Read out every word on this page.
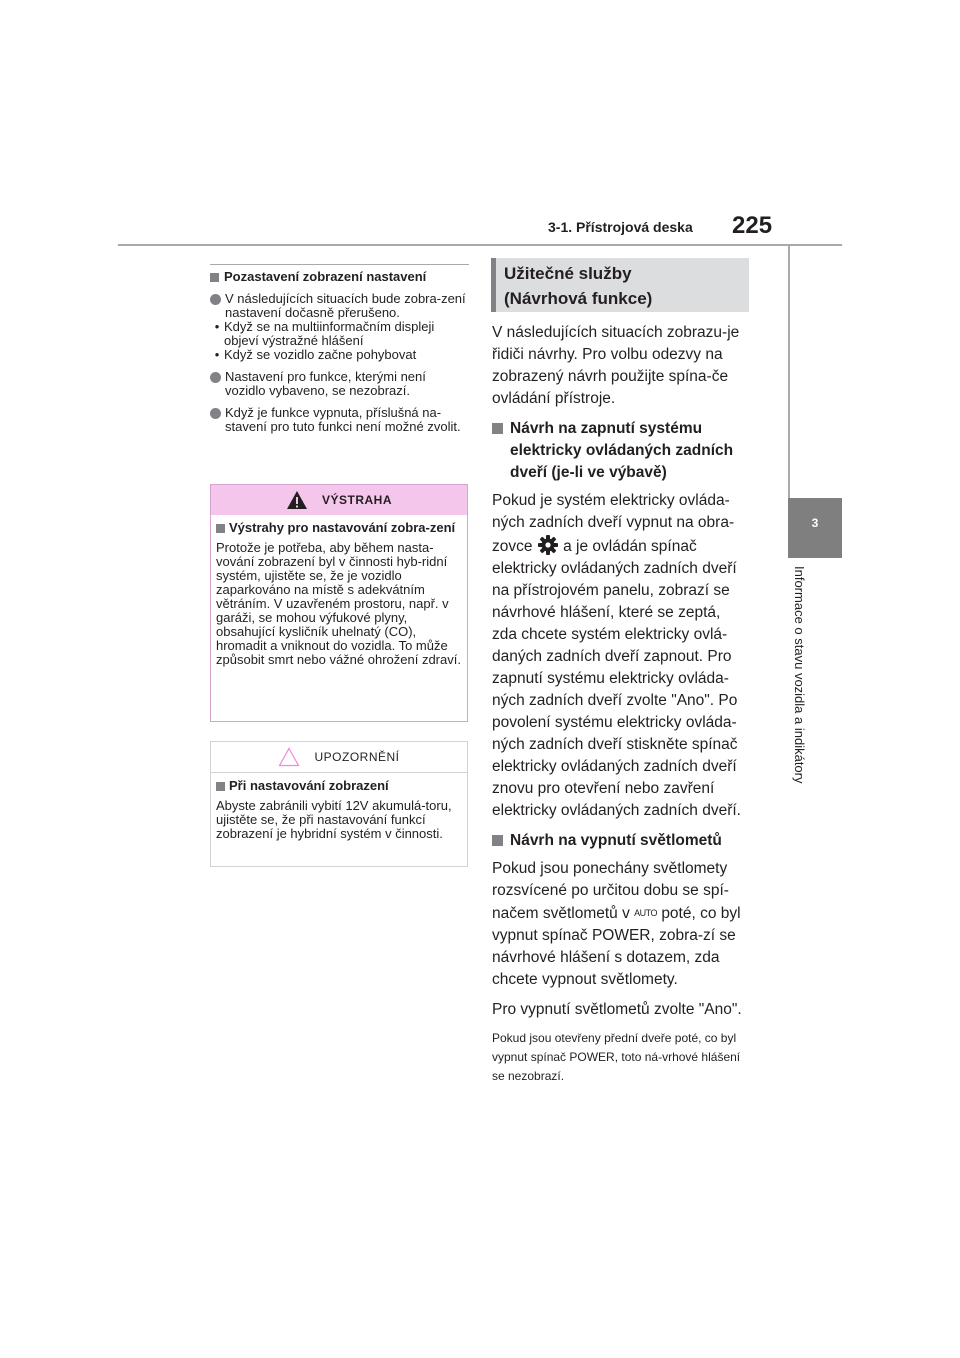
3-1. Přístrojová deska 225
3
Informace o stavu vozidla a indikátory
Pozastavení zobrazení nastavení
V následujících situacích bude zobra-zení nastavení dočasně přerušeno.
• Když se na multiinformačním displeji objeví výstražné hlášení
• Když se vozidlo začne pohybovat
Nastavení pro funkce, kterými není vozidlo vybaveno, se nezobrazí.
Když je funkce vypnuta, příslušná na-stavení pro tuto funkci není možné zvolit.
VÝSTRAHA
Výstrahy pro nastavování zobra-zení
Protože je potřeba, aby během nasta-vování zobrazení byl v činnosti hyb-ridní systém, ujistěte se, že je vozidlo zaparkováno na místě s adekvátním větráním. V uzavřeném prostoru, např. v garáži, se mohou výfukové plyny, obsahující kysličník uhelnatý (CO), hromadit a vniknout do vozidla. To může způsobit smrt nebo vážné ohrožení zdraví.
UPOZORNĚNÍ
Při nastavování zobrazení
Abyste zabránili vybití 12V akumulá-toru, ujistěte se, že při nastavování funkcí zobrazení je hybridní systém v činnosti.
Užitečné služby
(Návrhová funkce)

V následujících situacích zobrazu-je řidiči návrhy. Pro volbu odezvy na zobrazený návrh použijte spína-če ovládání přístroje.

Návrh na zapnutí systému elektricky ovládaných zadních dveří (je-li ve výbavě)

Pokud je systém elektricky ovláda-ných zadních dveří vypnut na obra-zovce a je ovládán spínač elektricky ovládaných zadních dveří na přístrojovém panelu, zobrazí se návrhové hlášení, které se zeptá, zda chcete systém elektricky ovlá-daných zadních dveří zapnout. Pro zapnutí systému elektricky ovláda-ných zadních dveří zvolte "Ano". Po povolení systému elektricky ovláda-ných zadních dveří stiskněte spínač elektricky ovládaných zadních dveří znovu pro otevření nebo zavření elektricky ovládaných zadních dveří.

Návrh na vypnutí světlometů

Pokud jsou ponechány světlomety rozsvícené po určitou dobu se spí-načem světlometů v AUTO poté, co byl vypnut spínač POWER, zobra-zí se návrhové hlášení s dotazem, zda chcete vypnout světlomety.

Pro vypnutí světlometů zvolte "Ano".

Pokud jsou otevřeny přední dveře poté, co byl vypnut spínač POWER, toto ná-vrhové hlášení se nezobrazí.
